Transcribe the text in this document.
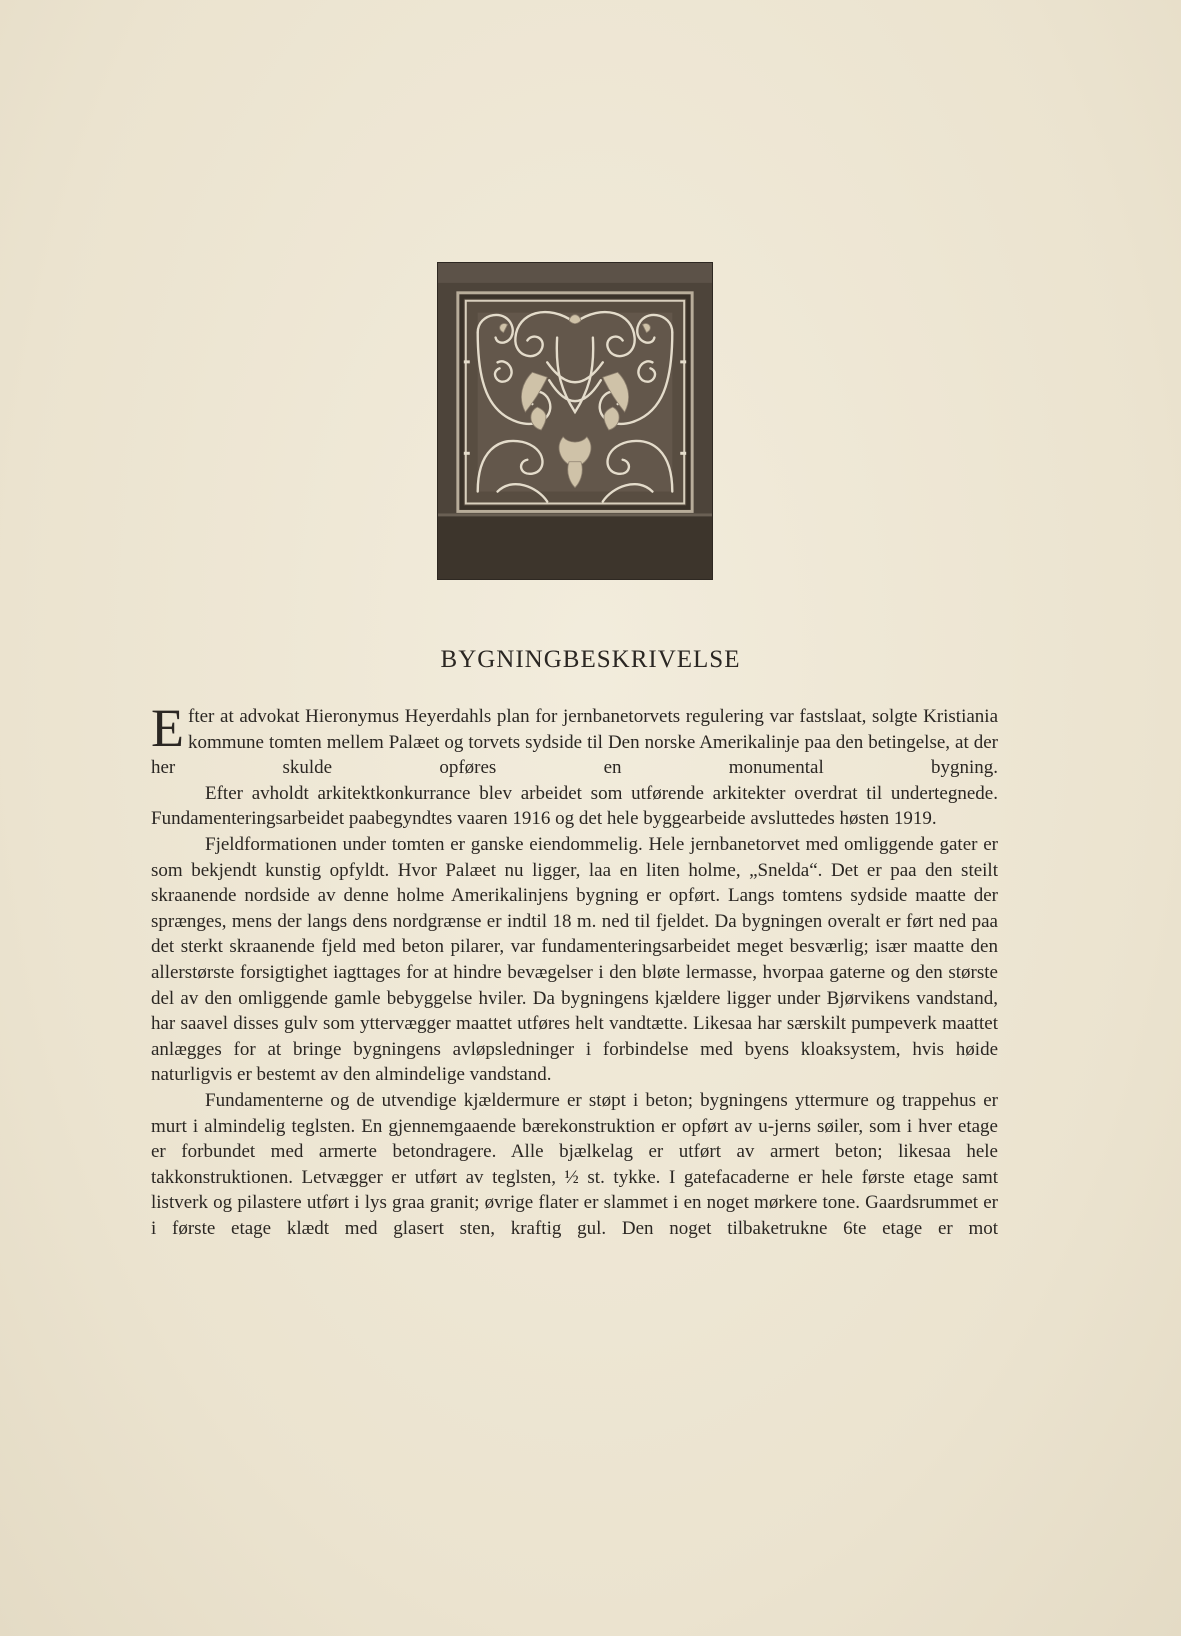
BYGNINGBESKRIVELSE

Efter at advokat Hieronymus Heyerdahls plan for jernbanetorvets regulering var fastslaat, solgte Kristiania kommune tomten mellem Palæet og torvets sydside til Den norske Amerikalinje paa den betingelse, at der her skulde opføres en monumental bygning.

Efter avholdt arkitektkonkurrance blev arbeidet som utførende arkitekter overdrat til undertegnede. Fundamenteringsarbeidet paabegyndtes vaaren 1916 og det hele byggearbeide avsluttedes høsten 1919.

Fjeldformationen under tomten er ganske eiendommelig. Hele jernbanetorvet med omliggende gater er som bekjendt kunstig opfyldt. Hvor Palæet nu ligger, laa en liten holme, „Snelda“. Det er paa den steilt skraanende nordside av denne holme Amerikalinjens bygning er opført. Langs tomtens sydside maatte der sprænges, mens der langs dens nordgrænse er indtil 18 m. ned til fjeldet. Da bygningen overalt er ført ned paa det sterkt skraanende fjeld med beton pilarer, var fundamenteringsarbeidet meget besværlig; især maatte den allerstørste forsigtighet iagttages for at hindre bevægelser i den bløte lermasse, hvorpaa gaterne og den største del av den omliggende gamle bebyggelse hviler. Da bygningens kjældere ligger under Bjørvikens vandstand, har saavel disses gulv som yttervægger maattet utføres helt vandtætte. Likesaa har særskilt pumpeverk maattet anlægges for at bringe bygningens avløpsledninger i forbindelse med byens kloaksystem, hvis høide naturligvis er bestemt av den almindelige vandstand.

Fundamenterne og de utvendige kjældermure er støpt i beton; bygningens yttermure og trappehus er murt i almindelig teglsten. En gjennemgaaende bærekonstruktion er opført av u-jerns søiler, som i hver etage er forbundet med armerte betondragere. Alle bjælkelag er utført av armert beton; likesaa hele takkonstruktionen. Letvægger er utført av teglsten, ½ st. tykke. I gatefacaderne er hele første etage samt listverk og pilastere utført i lys graa granit; øvrige flater er slammet i en noget mørkere tone. Gaardsrummet er i første etage klædt med glasert sten, kraftig gul. Den noget tilbaketrukne 6te etage er mot
